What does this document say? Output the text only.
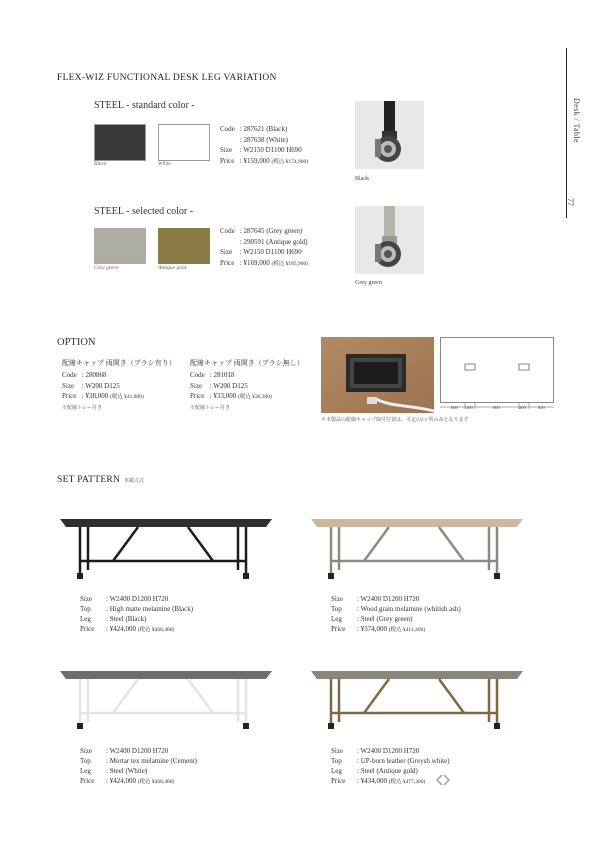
Desk / Table
77
FLEX-WIZ FUNCTIONAL DESK LEG VARIATION
STEEL - standard color -
Black	White
Code : 287621 (Black)
: 287638 (White)
Size : W2150 D1100 H690
Price : ¥159,000 (税込 ¥174,900)
Black
STEEL - selected color -
Grey green	Antique gold
Code : 287645 (Grey green)
: 290591 (Antique gold)
Size : W2150 D1100 H690
Price : ¥169,000 (税込 ¥185,900)
Grey green
OPTION
配線キャップ 両開き（ブラシ有り）
Code : 280868
Size : W200 D125
Price : ¥38,000 (税込 ¥41,800)
※配線トレー付き
配線キャップ 両開き（ブラシ無し）
Code : 281018
Size : W200 D125
Price : ¥33,000 (税込 ¥36,300)
※配線トレー付き	600 200	800	200	600
※本製品の配線キャップ取付位置は、可定の2ヶ所のみとなります
SET PATTERN 車載点式
Size : W2400 D1200 H720
Top : High matte melamine (Black)
Leg : Steel (Black)
Price : ¥424,000 (税込 ¥466,400)
Size : W2400 D1200 H720
Top : Wood grain melamine (whitish ash)
Leg : Steel (Grey green)
Price : ¥374,000 (税込 ¥411,400)
Size : W2400 D1200 H720
Top : Mortar tex melamine (Cement)
Leg : Steel (White)
Price : ¥424,000 (税込 ¥466,400)
Size : W2400 D1200 H720
Top : UP-born leather (Greysh white)
Leg : Steel (Antique gold)
Price : ¥434,000 (税込 ¥477,400)
